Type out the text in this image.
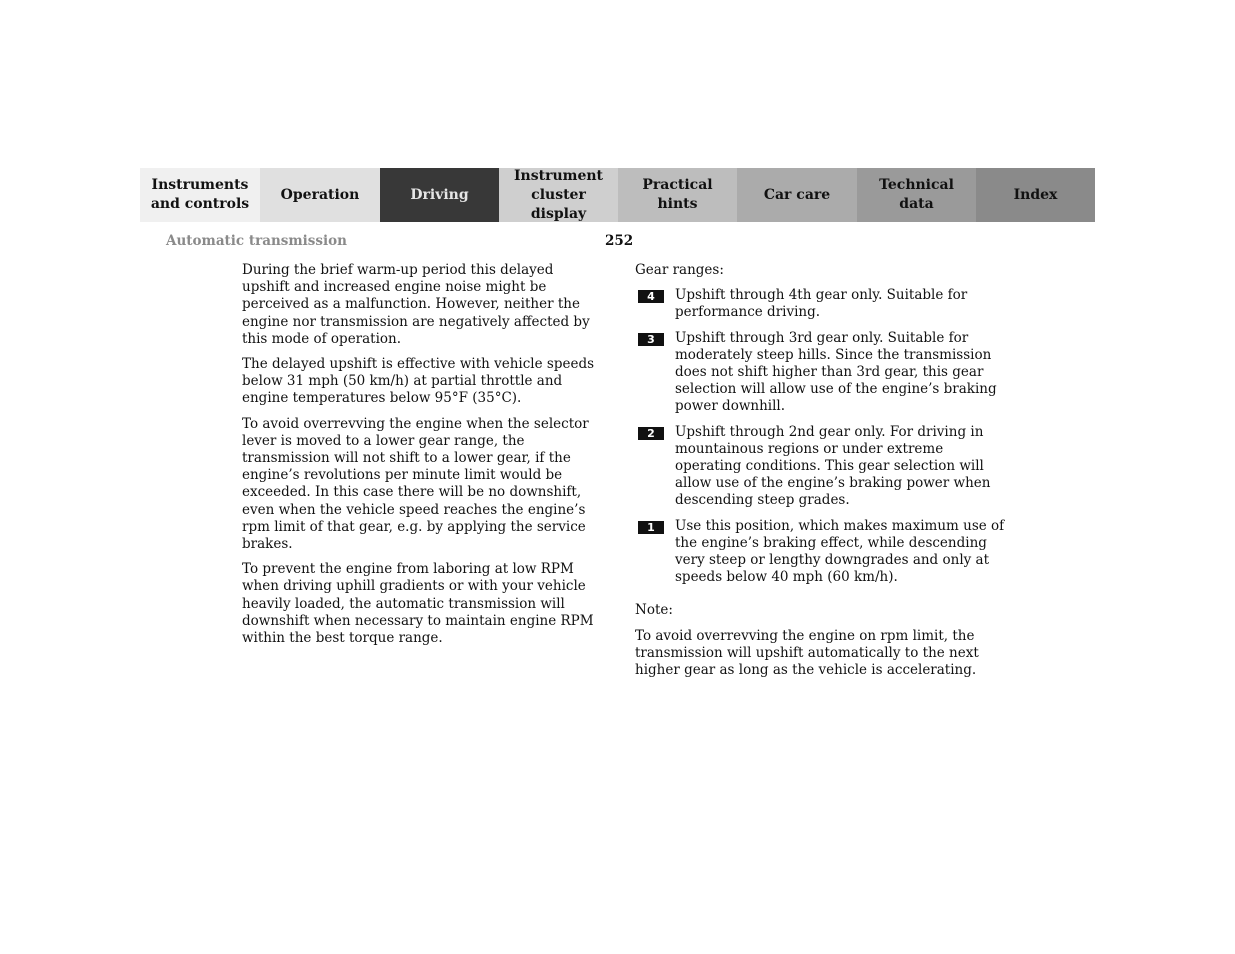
Instruments
and controls
Operation	Driving
Instrument
cluster display
Practical hints
Car care
Technical
data
Index
Automatic transmission	252

During the brief warm-up period this delayed upshift and increased engine noise might be perceived as a malfunction. However, neither the engine nor transmission are negatively affected by this mode of operation.

The delayed upshift is effective with vehicle speeds below 31 mph (50 km/h) at partial throttle and engine temperatures below 95°F (35°C).

To avoid overrevving the engine when the selector lever is moved to a lower gear range, the transmission will not shift to a lower gear, if the engine’s revolutions per minute limit would be exceeded. In this case there will be no downshift, even when the vehicle speed reaches the engine’s rpm limit of that gear, e.g. by applying the service brakes.

To prevent the engine from laboring at low RPM when driving uphill gradients or with your vehicle heavily loaded, the automatic transmission will downshift when necessary to maintain engine RPM within the best torque range.

Gear ranges:

4	Upshift through 4th gear only. Suitable for performance driving.
3	Upshift through 3rd gear only. Suitable for moderately steep hills. Since the transmission does not shift higher than 3rd gear, this gear selection will allow use of the engine’s braking power downhill.
2	Upshift through 2nd gear only. For driving in mountainous regions or under extreme operating conditions. This gear selection will allow use of the engine’s braking power when descending steep grades.
1	Use this position, which makes maximum use of the engine’s braking effect, while descending very steep or lengthy downgrades and only at speeds below 40 mph (60 km/h).

Note:

To avoid overrevving the engine on rpm limit, the transmission will upshift automatically to the next higher gear as long as the vehicle is accelerating.
